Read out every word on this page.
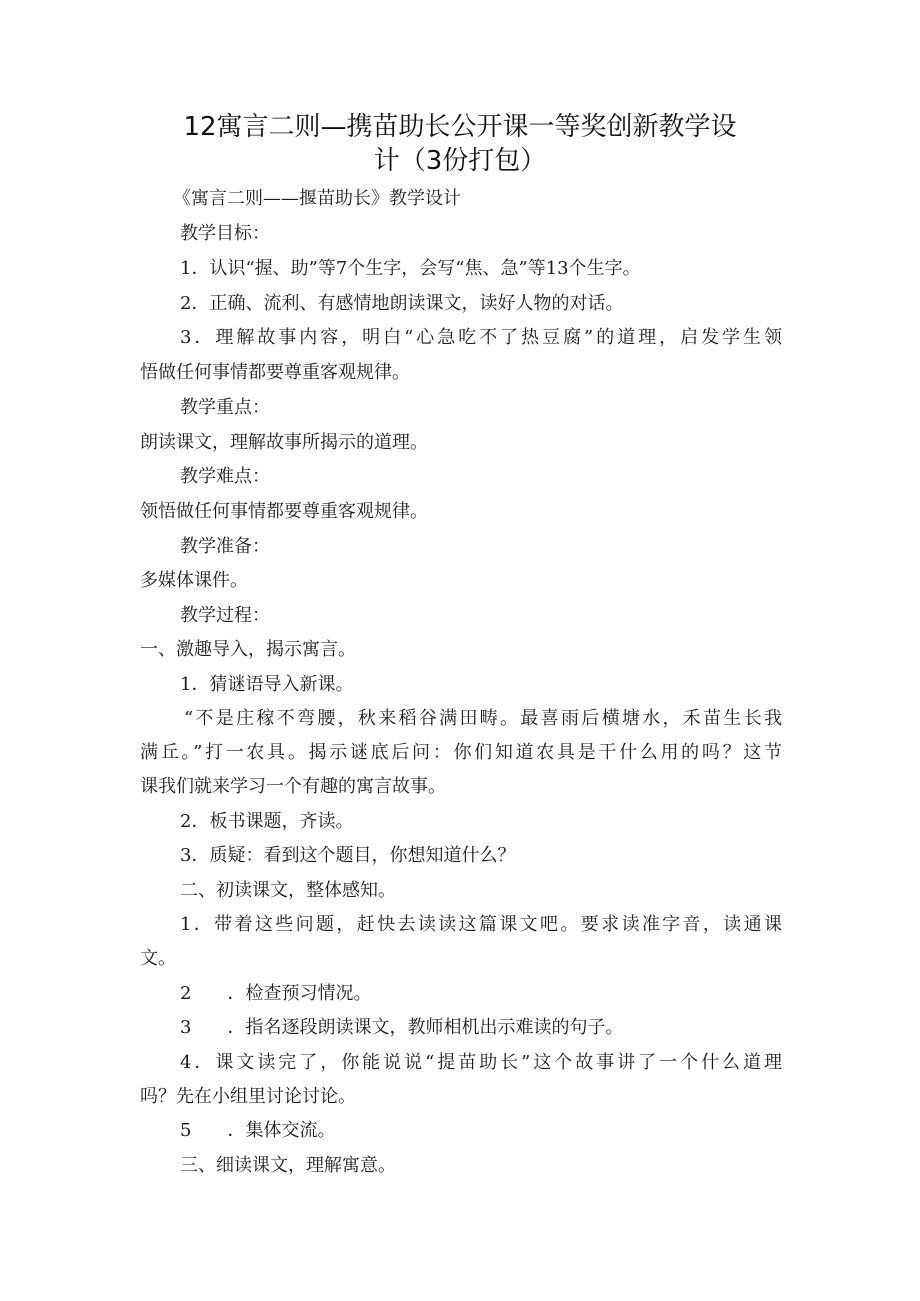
12寓言二则—携苗助长公开课一等奖创新教学设
计（3份打包）
《寓言二则——揠苗助长》教学设计
教学目标：
1．认识“握、助”等7个生字，会写“焦、急”等13个生字。
2．正确、流利、有感情地朗读课文，读好人物的对话。
3．理解故事内容，明白“心急吃不了热豆腐”的道理，启发学生领
悟做任何事情都要尊重客观规律。
教学重点：
朗读课文，理解故事所揭示的道理。
教学难点：
领悟做任何事情都要尊重客观规律。
教学准备：
多媒体课件。
教学过程：
一、激趣导入，揭示寓言。
1．猜谜语导入新课。
“不是庄稼不弯腰，秋来稻谷满田畴。最喜雨后横塘水，禾苗生长我
满丘。”打一农具。揭示谜底后问：你们知道农具是干什么用的吗？这节
课我们就来学习一个有趣的寓言故事。
2．板书课题，齐读。
3．质疑：看到这个题目，你想知道什么？
二、初读课文，整体感知。
1．带着这些问题，赶快去读读这篇课文吧。要求读准字音，读通课
文。
2　　．检查预习情况。
3　　．指名逐段朗读课文，教师相机出示难读的句子。
4．课文读完了，你能说说“提苗助长”这个故事讲了一个什么道理
吗？先在小组里讨论讨论。
5　　．集体交流。
三、细读课文，理解寓意。
